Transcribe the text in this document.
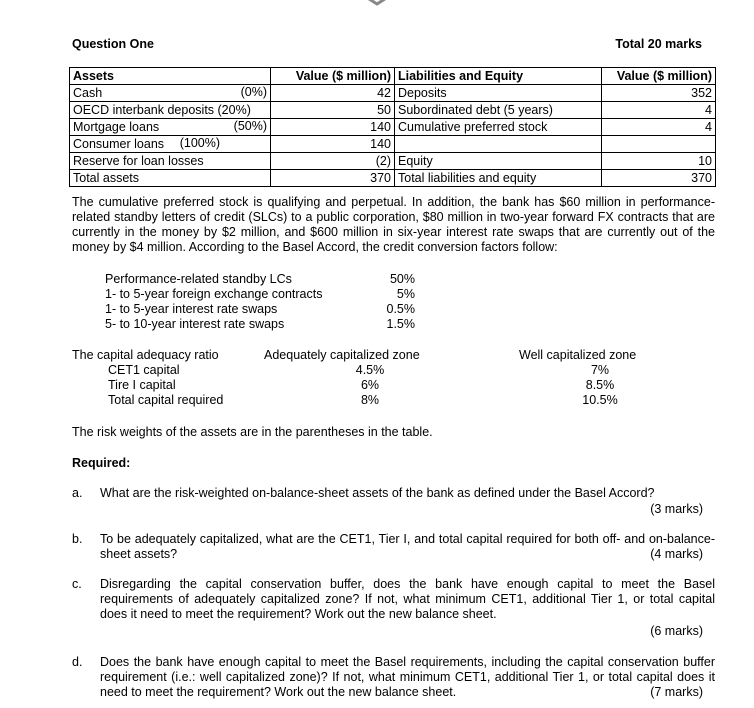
Question One	Total 20 marks
Assets	Value ($ million)	Liabilities and Equity	Value ($ million)
Cash (0%)	42	Deposits	352
OECD interbank deposits (20%)	50	Subordinated debt (5 years)	4
Mortgage loans (50%)	140	Cumulative preferred stock	4
Consumer loans (100%)	140		
Reserve for loan losses	(2)	Equity	10
Total assets	370	Total liabilities and equity	370
The cumulative preferred stock is qualifying and perpetual. In addition, the bank has $60 million in performance-related standby letters of credit (SLCs) to a public corporation, $80 million in two-year forward FX contracts that are currently in the money by $2 million, and $600 million in six-year interest rate swaps that are currently out of the money by $4 million. According to the Basel Accord, the credit conversion factors follow:
Performance-related standby LCs	50%
1- to 5-year foreign exchange contracts	5%
1- to 5-year interest rate swaps	0.5%
5- to 10-year interest rate swaps	1.5%
The capital adequacy ratio	Adequately capitalized zone	Well capitalized zone
CET1 capital	4.5%	7%
Tire I capital	6%	8.5%
Total capital required	8%	10.5%
The risk weights of the assets are in the parentheses in the table.
Required:
a. What are the risk-weighted on-balance-sheet assets of the bank as defined under the Basel Accord?
(3 marks)
b. To be adequately capitalized, what are the CET1, Tier I, and total capital required for both off- and on-balance-sheet assets?	(4 marks)
c. Disregarding the capital conservation buffer, does the bank have enough capital to meet the Basel requirements of adequately capitalized zone? If not, what minimum CET1, additional Tier 1, or total capital does it need to meet the requirement? Work out the new balance sheet.
(6 marks)
d. Does the bank have enough capital to meet the Basel requirements, including the capital conservation buffer requirement (i.e.: well capitalized zone)? If not, what minimum CET1, additional Tier 1, or total capital does it need to meet the requirement? Work out the new balance sheet.	(7 marks)
